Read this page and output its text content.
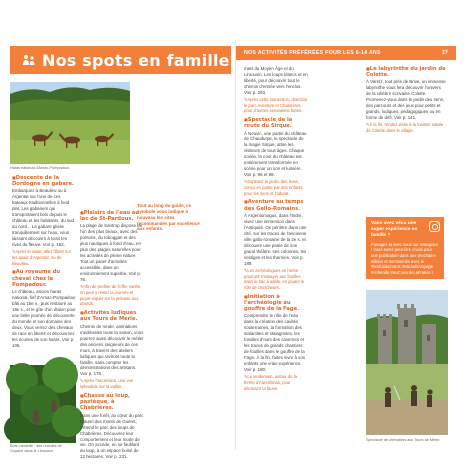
Nos spots en famille
Haras national d'Arnac-Pompadour.

■ Descente de la Dordogne en gabare.
Embarquez à Beaulieu ou à Argentat sur l'une de ces bateaux traditionnelles à fond plat. Les gabariers qui transportaient bois depuis le château et les habitants, du sud au nord... La gabare glisse tranquillement sur l'eau, vous laissant découvrir à loisir les rives du fleuve. Voir p. 152.
✎ Après le visite, allez flâner sur les quais d'Argentat, ou de Beaulieu.

■ Au royaume du cheval chez la Pompadour.
Le château, ancien haras national, fief d'Arnac-Pompadour bâti au 15e s., puis restauré au 18e s., et le gîte d'un étalon pour une belle journée de découverte du monde et son domaine des deux. Vous verrez des chevaux de race en liberté et découvrirez les écuries de son haras. Voir p. 106.

Bois Lamiette : des nucules de Guyane dans le Limousin.
Tout au long du guide, ce symbole vous indique à nouveau les sites recommandés par excellence aux enfants.

■ Plaisirs de l'eau au lac de St-Pardoux.
La plage de Santrop dispose de l'un des plus beaux, avec des pontons, du toboggan et des jeux nautiques à fond d'eau, en plus des plages naturelles pour les activités de pleine nature. Tout un panel d'activités accessible, dans un environnement superbe. Voir p. 76.
✎ Afin de profiter de l'offre variée, on peut y rester la journée et pique-niquer sur la pelouse aux abords.

■ Activités ludiques aux Tours de Merle.
Chemin de ronde, animations médiévales toute la saison, vous pourrez aussi découvrir le métier des anciens seigneurs de ces murs, à travers des ateliers ludiques qui raviront toute la famille, sans compter les démonstrations des artisans. Voir p. 178.
✎ Après l'ascension, une vue splendide sur la vallée.

■ Chasse au loup, pastèque, à Chabrières.
Dans une forêt, au cœur du parc naturel des monts de Guéret, s'étend le parc des loups de Chabrières. Découvrez leur comportement et leur mode de vie. On accède, en se faufilant au loup, à un espace boisé de 12 hectares. Voir p. 231.

NOS ACTIVITÉS PRÉFÉRÉES POUR LES 6-14 ANS	27

mais du Moyen Âge et du Limousin. Les loups blancs et en liberté, pour découvrir tout le chemin d'entrée vers l'enclos. Voir p. 293.
✎ Après cette immersion, direction le parc Aventure et Chabrières, pour d'autres sensations fortes.

■ Spectacle de la route du Sirque.
À Neuvic, une partie du château de Chaudurpe, le spectacle de la magie Sirque, attire les visiteurs de tous âges. Chaque soirée, la cour du château est entièrement transformée en scène pour un son et lumière. Voir p. 96 et 98.
✎ Explorez le jardin des Sens, conçu en partie par des enfants pour les sens et l'odorat.

■ Aventure au temps des Gallo-Romains.
À Argentomagus, dans l'Indre, vivez une immersion dans l'Antiquité. On pénètre dans une cité, sur les traces de l'ancienne ville gallo-romaine de la 2e s. et découvre une partie de son grand théâtre, ses colonnes, les vestiges et les thermes. Voir p. 189.
✎ Les archéologues en herbe pourront s'essayer aux fouilles dans le bac à sable, en jouant le rôle de chercheurs.

■ Initiation à l'archéologie au gouffre de la Fage.
Comprendre le rôle de l'eau dans la création des cavités souterraines, la formation des stalactites et stalagmites, les fossiles d'ours des cavernes et les traces de grands chantiers de fouilles dans le gouffre de la Fage. À la fin, faites vivre à vos enfants une vraie expérience. Voir p. 180.
✎ Le lendemain, autour de la ferme d'Aurenlimas, pour découvrir la faune.

■ Le labyrinthe du jardin de Colette.
À Varetz, tout près de Brive, un immense labyrinthe vous fera découvrir l'univers de la célèbre écrivaine Colette. Promenez-vous dans le jardin des sens, des parcours et des jeux pour petits et grands, ludiques, pédagogiques ou en forme de défi. Voir p. 141.
✎ À la fin, rendez visite à la maison natale de Colette dans le village.

Vous avez vécu une super expérience en famille ?
Partagez-la avec nous sur Instagram ! Vous serez peut-être choisi pour une publication dans une prochaine édition et mentionnés avec le #lesGuidesVerts #MichelinVoyage #enfamille #auCoeurdeLaFrance !
Spectacle de chevaliers aux Tours de Merle.
